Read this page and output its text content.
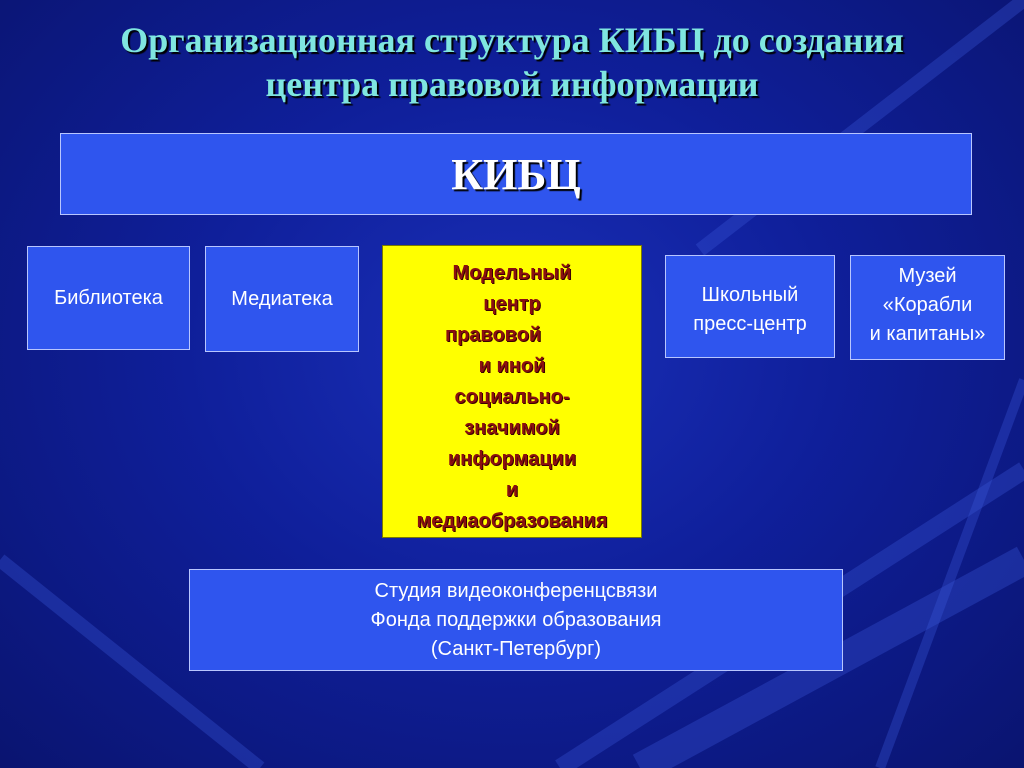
Организационная структура КИБЦ до создания
центра правовой информации
КИБЦ
Библиотека	Медиатека
Модельный
центр
правовой
и иной
социально-
значимой
информации
и
медиаобразования
Школьный
пресс-центр
Музей
«Корабли
и капитаны»
Студия видеоконференцсвязи
Фонда поддержки образования
(Санкт-Петербург)
